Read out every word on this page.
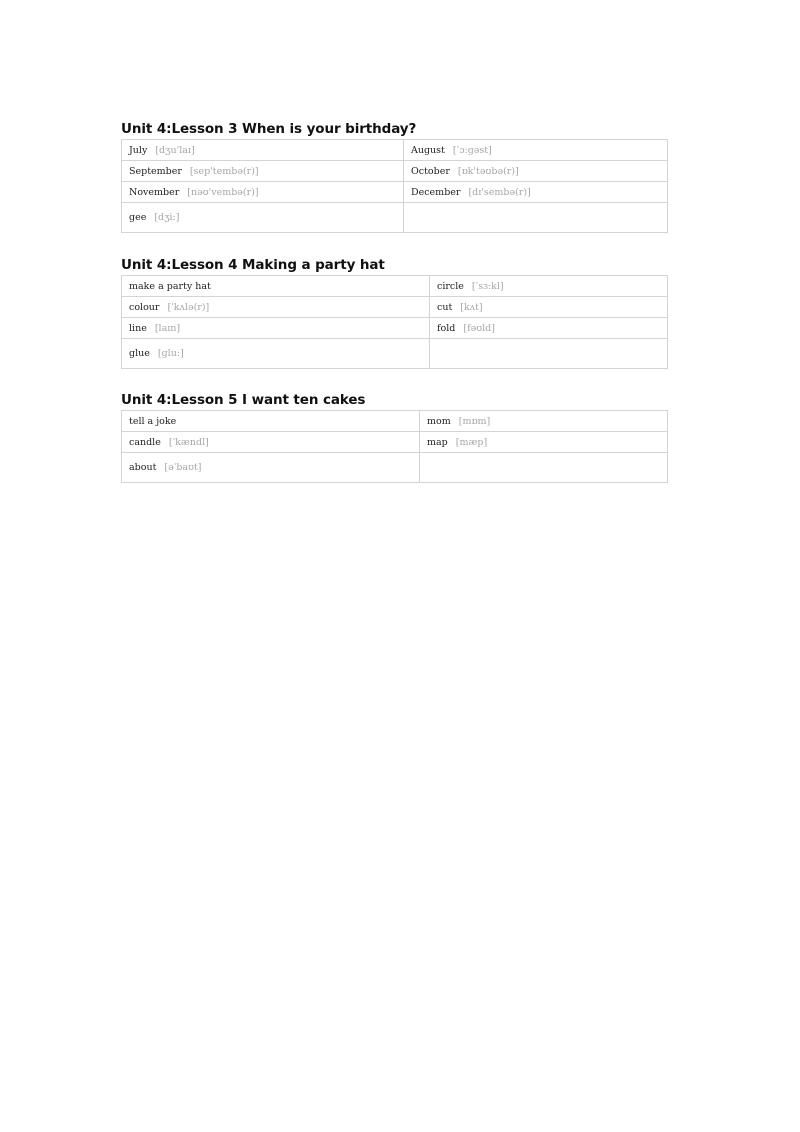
Unit 4:Lesson 3 When is your birthday?
July [dʒu'laɪ]	August [ˈɔ:gəst]
September [sep'tembə(r)]	October [ɒk'təʊbə(r)]
November [nəʊ'vembə(r)]	December [dɪ'sembə(r)]
gee [dʒi:]	
Unit 4:Lesson 4 Making a party hat
make a party hat	circle [ˈsɜ:kl]
colour [ˈkʌlə(r)]	cut [kʌt]
line [laɪn]	fold [fəʊld]
glue [glu:]	
Unit 4:Lesson 5 I want ten cakes
tell a joke	mom [mɒm]
candle [ˈkændl]	map [mæp]
about [əˈbaʊt]	
